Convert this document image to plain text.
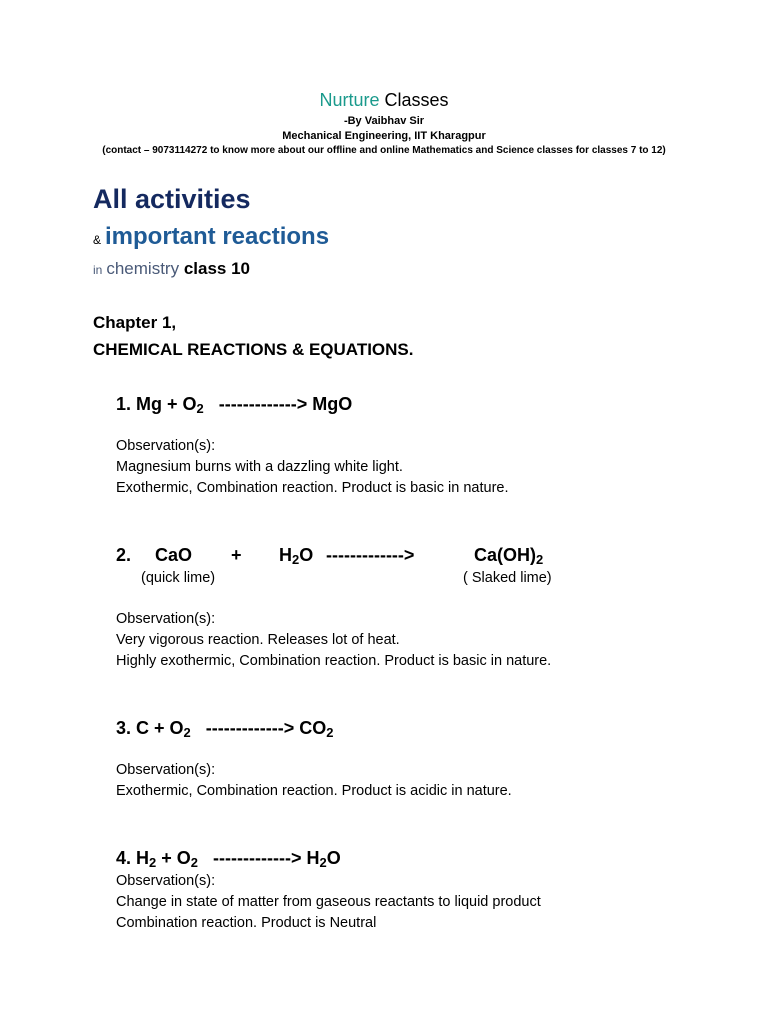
Nurture Classes
-By Vaibhav Sir
Mechanical Engineering, IIT Kharagpur
(contact – 9073114272 to know more about our offline and online Mathematics and Science classes for classes 7 to 12)
All activities
& important reactions
in chemistry class 10
Chapter 1,
CHEMICAL REACTIONS & EQUATIONS.
1. $Mg + O_2$ -------------> MgO
Observation(s):
Magnesium burns with a dazzling white light.
Exothermic, Combination reaction. Product is basic in nature.
2. CaO + $H_2O$ ------------->	$Ca(OH)_2$
(quick lime)	( Slaked lime)
Observation(s):
Very vigorous reaction. Releases lot of heat.
Highly exothermic, Combination reaction. Product is basic in nature.
3. $C + O_2$ -------------> $CO_2$
Observation(s):
Exothermic, Combination reaction. Product is acidic in nature.
4. $H_2 + O_2$ -------------> $H_2O$
Observation(s):
Change in state of matter from gaseous reactants to liquid product
Combination reaction. Product is Neutral
